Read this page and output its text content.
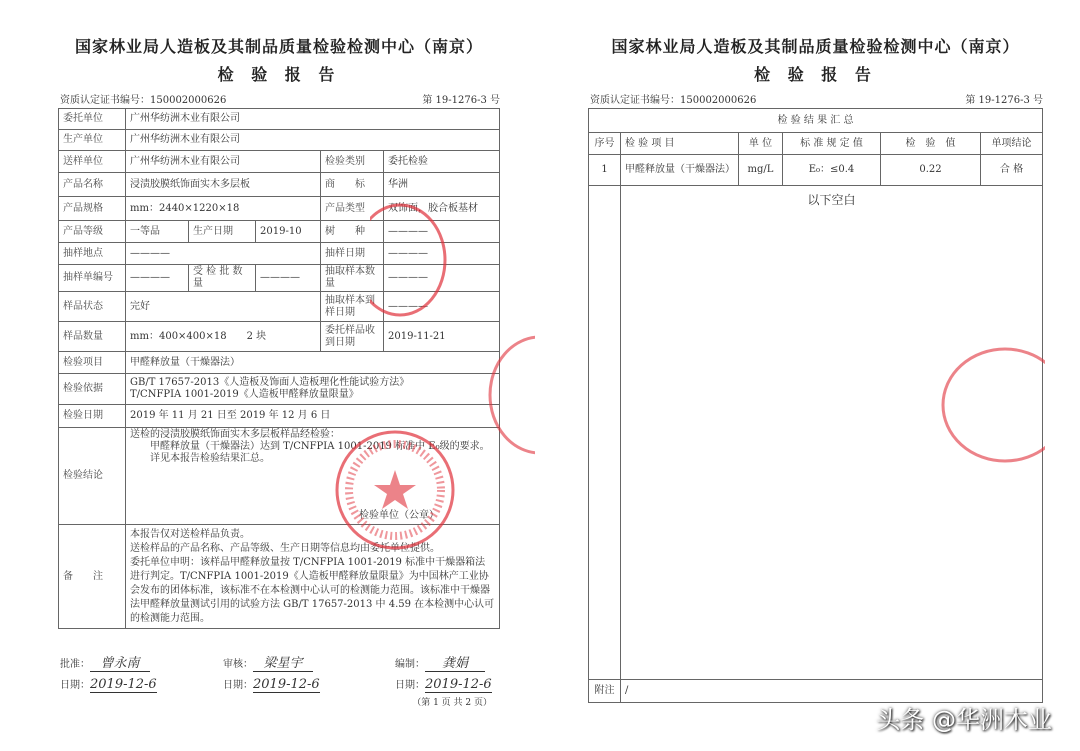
国家林业局人造板及其制品质量检验检测中心（南京）
检 验 报 告
资质认定证书编号：150002000626	第 19-1276-3 号
委托单位	广州华纺洲木业有限公司				
生产单位	广州华纺洲木业有限公司				
送样单位	广州华纺洲木业有限公司			检验类别	委托检验
产品名称	浸渍胶膜纸饰面实木多层板			商　　标	华洲
产品规格	mm：2440×1220×18			产品类型	双饰面，胶合板基材
产品等级	一等品	生产日期	2019-10	树　　种	————
抽样地点	————			抽样日期	————
抽样单编号	————	受 检 批 数　　量	————	抽取样本数　　量	————
样品状态	完好			抽取样本到样日期	————
样品数量	mm：400×400×18　　2 块			委托样品收到日期	2019-11-21
检验项目	甲醛释放量（干燥器法）				
检验依据	GB/T 17657-2013《人造板及饰面人造板理化性能试验方法》
T/CNFPIA 1001-2019《人造板甲醛释放量限量》				

检验日期	2019 年 11 月 21 日至 2019 年 12 月 6 日				
检验结论	送检的浸渍胶膜纸饰面实木多层板样品经检验：
甲醛释放量（干燥器法）达到 T/CNFPIA 1001-2019 标准中 E₀级的要求。
详见本报告检验结果汇总。
检验单位（公章）				

备　　注	本报告仅对送检样品负责。
送检样品的产品名称、产品等级、生产日期等信息均由委托单位提供。
委托单位申明：该样品甲醛释放量按 T/CNFPIA 1001-2019 标准中干燥器箱法进行判定。T/CNFPIA 1001-2019《人造板甲醛释放量限量》为中国林产工业协会发布的团体标准，该标准不在本检测中心认可的检测能力范围。该标准中干燥器法甲醛释放量测试引用的试验方法 GB/T 17657-2013 中 4.59 在本检测中心认可的检测能力范围。				
批准： 曾永南
日期：2019-12-6
审核： 梁星宇
日期：2019-12-6
编制： 龚娟
日期：2019-12-6
（第 1 页 共 2 页）
国家林业局人造板及其制品质量检验检测中心（南京）
检 验 报 告
资质认定证书编号：150002000626	第 19-1276-3 号
检 验 结 果 汇 总					
序号	检 验 项 目	单 位	标 准 规 定 值	检　验　值	单项结论
1	甲醛释放量（干燥器法）	mg/L	E₀：≤0.4	0.22	合 格
	以下空白				
附注	/				
头条 @华洲木业
